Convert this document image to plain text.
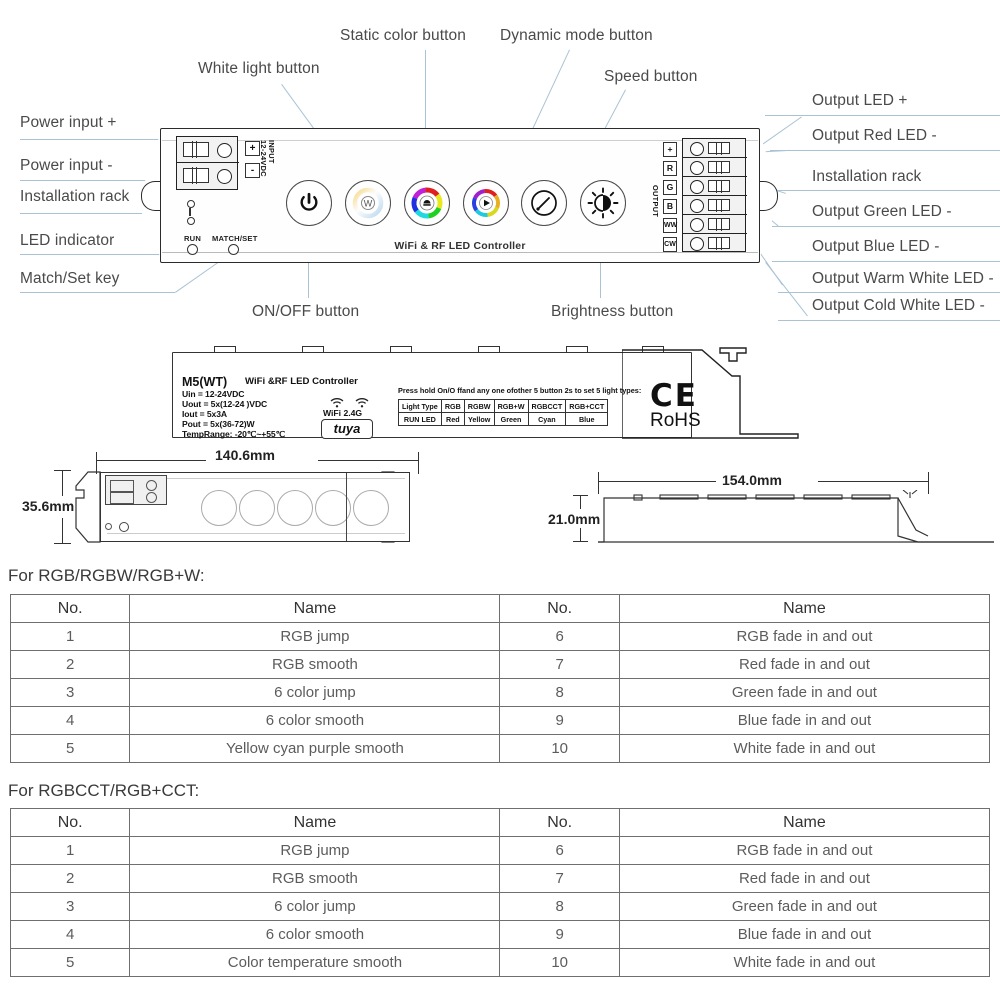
Power input +
Power input -
Installation rack
LED indicator
Match/Set key
White light button
Static color button Dynamic mode button
Speed button
Output LED +
Output Red LED -
Installation rack
Output Green LED -
Output Blue LED -
Output Warm White LED -
Output Cold White LED -
ON/OFF button	Brightness button
+
-
INPUT
12-24VDC
RUN MATCH/SET
W
WiFi & RF LED Controller
OUTPUT
+
R
G
B
WW
CW
M5(WT) WiFi &RF LED Controller
Uin = 12-24VDC
Uout = 5x(12-24 )VDC
Iout = 5x3A
Pout = 5x(36-72)W
TempRange: -20℃~+55℃
WiFi 2.4G
tuya
Press hold On/O ffand any one ofother 5 button 2s to set 5 light types:
Light Type	RGB	RGBW	RGB+W	RGBCCT	RGB+CCT
RUN LED	Red	Yellow	Green	Cyan	Blue
CE
RoHS
140.6mm
35.6mm
154.0mm
21.0mm
For RGB/RGBW/RGB+W:
No.	Name	No.	Name
1	RGB jump	6	RGB fade in and out
2	RGB smooth	7	Red fade in and out
3	6 color jump	8	Green fade in and out
4	6 color smooth	9	Blue fade in and out
5	Yellow cyan purple smooth	10	White fade in and out
For RGBCCT/RGB+CCT:
No.	Name	No.	Name
1	RGB jump	6	RGB fade in and out
2	RGB smooth	7	Red fade in and out
3	6 color jump	8	Green fade in and out
4	6 color smooth	9	Blue fade in and out
5	Color temperature smooth	10	White fade in and out
